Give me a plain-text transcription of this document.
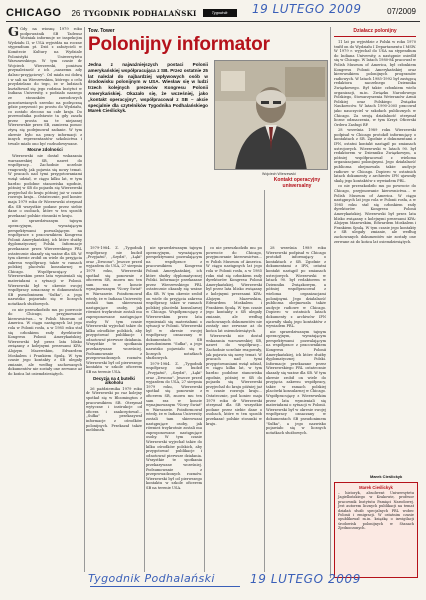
CHICAGO 26 TYGODNIK PODHALAŃSKI	Tygodnik	19 LUTEGO 2009	07/2009

G Gdy na wiosnę 1979 roku podpoważnik SB Tadeusz Woźniak informuje ze inspekcjim Wydziału II, w USA wyjeżdża na roczne stypendium pt. Dziś z założycieli w Komitecie Kultury na Wydziale Polonistyki Uniwersytetu Warszawskiego. W tym czasie dr Wojciech Wierzewski, poniższa przynależność z ich „naszemu ady dalszo-przyjęciowy". Od miała mi dobrą i w sali na Wierzewskim, którego o celu przydzielano do tego, że w ludziach kształtował się jego rodzina Instytut w Indiana University, z podziało naszego ze stosunków zawodowych pozostawianych szeroko na podręczną gdzie przyswoić po prostu do Wydziału, co zostało zlecono na całe kraju. Do przewodnika podstawie ta gdy zaszła przez prosta na te niejasnej Wierzewskie przez SB, zamierza pomoc ztyrą się podejmował zadanie. W tym okresie było na pracy informacji z innych reprezentantów szkolnictwa i trwale miało ono być rozbudowywane.

Mocne zdolności

Wierzewski nie dostał wskazania warszawskiej SB, nawet do współpracy... Zachodnie uczelnie reagowały, jak pojawia się nowy temat. W pracach nad tymi przygotowaniami wziął udział, w ciągu kilku lat, w tym bardzo podobne stanowiska zgodnie, później w SB do pojazdu się Wierzewski przyjechał do kraju później już w czasie rozwoju kraju... Ostatecznie, pod koniec maja 1979 roku dr Wierzewski otrzymał dla SB wszystkie podane przez siebie dane o osobach, które w ten sposób przekazać polskie stosunki w kraju.

nie sprawdziwanym tajnym operacyjnym, wyrażającym perspektywami pozwalającym na współprace z pracownikiem Kongresu Polonii Amerykańskiej, ich które służby dyplomatycznej Polski. Informacje przekazane przez Wierzewskiego PRL ostatecznie okazały się ważne dla SB. W tym okresie zrobił on wiele do przyjęcia zakresu współpracy, także w ramach polskiej placówki konsularnej w Chicago. Współpracujący z Wierzewskim przez lata wymieniali się materiałami o sytuacji w Polonii. Wierzewski był w okresie swojej współpracy oznaczany w dokumentach SB pseudonimem "Sułka", a jego nazwisko pojawiało się w licznych notatkach służbowych.

co nie przeszkodziło mu po powrocie do Chicago, przyjmowanie kierownictwa... w Polish Museum of America. W ciągu następnych lat jego rola w Polonii rosła, a w 1985 roku stał się członkiem rady dyrektorów Kongresu Polonii Amerykańskiej. Wierzewski był przez lata blisko związany z kolejnymi prezesami KPA: Alojzym Mazewskim, Edwardem Moskalem i Frankiem Spulą. W tym czasie jego kontakty z SB ulegały zmianie, ale według zachowanych dokumentów nie zostały one zerwane aż do końca lat osiemdziesiątych.

Tow. Tower
Polonijny informator
Jedna z najważniejszych postaci Polonii amerykańskiej współpracująca z SB. Przez ostatnie 25 lat należał do najbardziej wpływowych osób w środowisku polonijnym w USA. Wiesław się w ludzi trzech kolejnych prezesów Kongresu Polonii Amerykańskiej. Okazało się, że wcześniej, jako „kontakt operacyjny", współpracował z SB – akcie specjalnie dla czytelników Tygodnika Podhalańskiego Marek Cieślickyk.
Wojciech Wierzewski
Kontakt operacyjny uniwersalny

1979-1984. Z. „Tygodnik współpracy, nie budził „Przyjaźni", „Szydzi", „Łąki" oraz „Dzwonu". Jeszcze przed wyjazdem do USA, 27 sierpnia 1979 roku, Wierzewski spotkał się ponownie z oficerem SB, znowu mu ten sam raz w koncie wynajmowanym "Nowy Świat" w Warszawie. Poinformował wtedy, że w Indiana University zostali tam skierowani następujące osoby, jak również trzykrotnie zostali mu zaproponowane następujące osoby. W tym czasie Wierzewski wyjechał także do kilku ośrodków polskich, aby przygotować publikacje i odnotować pierwsze działania. Wszystkie te spotkania przekazywane wcześniej. Podsumowanie z przeprowadzonych rozmów. Wierzewski był od pierwszego kontaktu w szkole oficerem SB na terenie USA.

Decyzja na 4 butelki alkoholu

26 października 1979 roku dr Wierzewski po raz kolejny spotkał się w Bloomington z pracownikiem SB. Otrzymał wytyczne i instrukcje od oficera i zaakceptował... „Sułka" przekazywał informacje z ośrodków polonijnych. Przekazał także meldunek.

nie sprawdziwanym tajnym operacyjnym, wyrażającym perspektywami pozwalającym na współprace z pracownikiem Kongresu Polonii Amerykańskiej, ich które służby dyplomatycznej Polski. Informacje przekazane przez Wierzewskiego PRL ostatecznie okazały się ważne dla SB. W tym okresie zrobił on wiele do przyjęcia zakresu współpracy, także w ramach polskiej placówki konsularnej w Chicago. Współpracujący z Wierzewskim przez lata wymieniali się materiałami o sytuacji w Polonii. Wierzewski był w okresie swojej współpracy oznaczany w dokumentach SB pseudonimem "Sułka", a jego nazwisko pojawiało się w licznych notatkach służbowych.

1979-1984. Z. „Tygodnik współpracy, nie budził „Przyjaźni", „Szydzi", „Łąki" oraz „Dzwonu". Jeszcze przed wyjazdem do USA, 27 sierpnia 1979 roku, Wierzewski spotkał się ponownie z oficerem SB, znowu mu ten sam raz w koncie wynajmowanym "Nowy Świat" w Warszawie. Poinformował wtedy, że w Indiana University zostali tam skierowani następujące osoby, jak również trzykrotnie zostali mu zaproponowane następujące osoby. W tym czasie Wierzewski wyjechał także do kilku ośrodków polskich, aby przygotować publikacje i odnotować pierwsze działania. Wszystkie te spotkania przekazywane wcześniej. Podsumowanie z przeprowadzonych rozmów. Wierzewski był od pierwszego kontaktu w szkole oficerem SB na terenie USA.

co nie przeszkodziło mu po powrocie do Chicago, przyjmowanie kierownictwa... w Polish Museum of America. W ciągu następnych lat jego rola w Polonii rosła, a w 1985 roku stał się członkiem rady dyrektorów Kongresu Polonii Amerykańskiej. Wierzewski był przez lata blisko związany z kolejnymi prezesami KPA: Alojzym Mazewskim, Edwardem Moskalem i Frankiem Spulą. W tym czasie jego kontakty z SB ulegały zmianie, ale według zachowanych dokumentów nie zostały one zerwane aż do końca lat osiemdziesiątych.

Wierzewski nie dostał wskazania warszawskiej SB, nawet do współpracy... Zachodnie uczelnie reagowały, jak pojawia się nowy temat. W pracach nad tymi przygotowaniami wziął udział, w ciągu kilku lat, w tym bardzo podobne stanowiska zgodnie, później w SB do pojazdu się Wierzewski przyjechał do kraju później już w czasie rozwoju kraju... Ostatecznie, pod koniec maja 1979 roku dr Wierzewski otrzymał dla SB wszystkie podane przez siebie dane o osobach, które w ten sposób przekazać polskie stosunki w kraju.

28 września 1989 roku Wierzewski podpisał w Chicago protokół informujący o kontaktach z SB. Zgodnie z dokumentami z IPN, ostatni kontakt nastąpił po zmianach ustrojowych. Wierzewski w latach 90. był redaktorem w Dzienniku Związkowym, a później współpracował z wieloma organizacjami polonijnymi. Jego działalność publiczna obejmowała także audycje radiowe w Chicago. Dopiero w ostatnich latach dokumenty z archiwów IPN ujawniły skalę jego kontaktów z wywiadem PRL.

nie sprawdziwanym tajnym operacyjnym, wyrażającym perspektywami pozwalającym na współprace z pracownikiem Kongresu Polonii Amerykańskiej, ich które służby dyplomatycznej Polski. Informacje przekazane przez Wierzewskiego PRL ostatecznie okazały się ważne dla SB. W tym okresie zrobił on wiele do przyjęcia zakresu współpracy, także w ramach polskiej placówki konsularnej w Chicago. Współpracujący z Wierzewskim przez lata wymieniali się materiałami o sytuacji w Polonii. Wierzewski był w okresie swojej współpracy oznaczany w dokumentach SB pseudonimem "Sułka", a jego nazwisko pojawiało się w licznych notatkach służbowych.

Działacz polonijny

11 lat po wyjeździe z Polski w roku 1970 trafił on do Wydziału I Departamentu I MSW. W 1979 r. wyjechał do USA na stypendium do Indiana University, a następnie osiedlił się w Chicago. W latach 1980-84 pracował w Polish Museum of America, był członkiem Kongresu Polonii Amerykańskiej oraz kierownikiem polonijnych programów radiowych. W latach 1985-1992 był zastępcą redaktora naczelnego Dziennika Związkowego. Był także członkiem wielu organizacji, m.in. Związku Narodowego Polskiego, Stowarzyszenia Weteranów Armii Polskiej oraz Polskiego Związku Naukowców. W latach 1990-2005 pracował jako nauczyciel w szkołach publicznych w Chicago. Za swoją działalność otrzymał liczne odznaczenia, w tym Krzyż Oficerski Orderu Zasługi RP.

28 września 1989 roku Wierzewski podpisał w Chicago protokół informujący o kontaktach z SB. Zgodnie z dokumentami z IPN, ostatni kontakt nastąpił po zmianach ustrojowych. Wierzewski w latach 90. był redaktorem w Dzienniku Związkowym, a później współpracował z wieloma organizacjami polonijnymi. Jego działalność publiczna obejmowała także audycje radiowe w Chicago. Dopiero w ostatnich latach dokumenty z archiwów IPN ujawniły skalę jego kontaktów z wywiadem PRL.

co nie przeszkodziło mu po powrocie do Chicago, przyjmowanie kierownictwa... w Polish Museum of America. W ciągu następnych lat jego rola w Polonii rosła, a w 1985 roku stał się członkiem rady dyrektorów Kongresu Polonii Amerykańskiej. Wierzewski był przez lata blisko związany z kolejnymi prezesami KPA: Alojzym Mazewskim, Edwardem Moskalem i Frankiem Spulą. W tym czasie jego kontakty z SB ulegały zmianie, ale według zachowanych dokumentów nie zostały one zerwane aż do końca lat osiemdziesiątych.

Marek Cieślickyk
Marek Cieślickyk
– historyk, absolwent Uniwersytetu Jagiellońskiego w Krakowie, profesor pracownik Instytutu Pamięci Narodowej. Jest autorem licznych publikacji na temat działań służb specjalnych PRL wobec Polonii i emigracji. W ostatnim czasie opublikował m.in. książkę o inwigilacji środowisk polonijnych w Stanach Zjednoczonych.
Tygodnik Podhalański	19 LUTEGO 2009
